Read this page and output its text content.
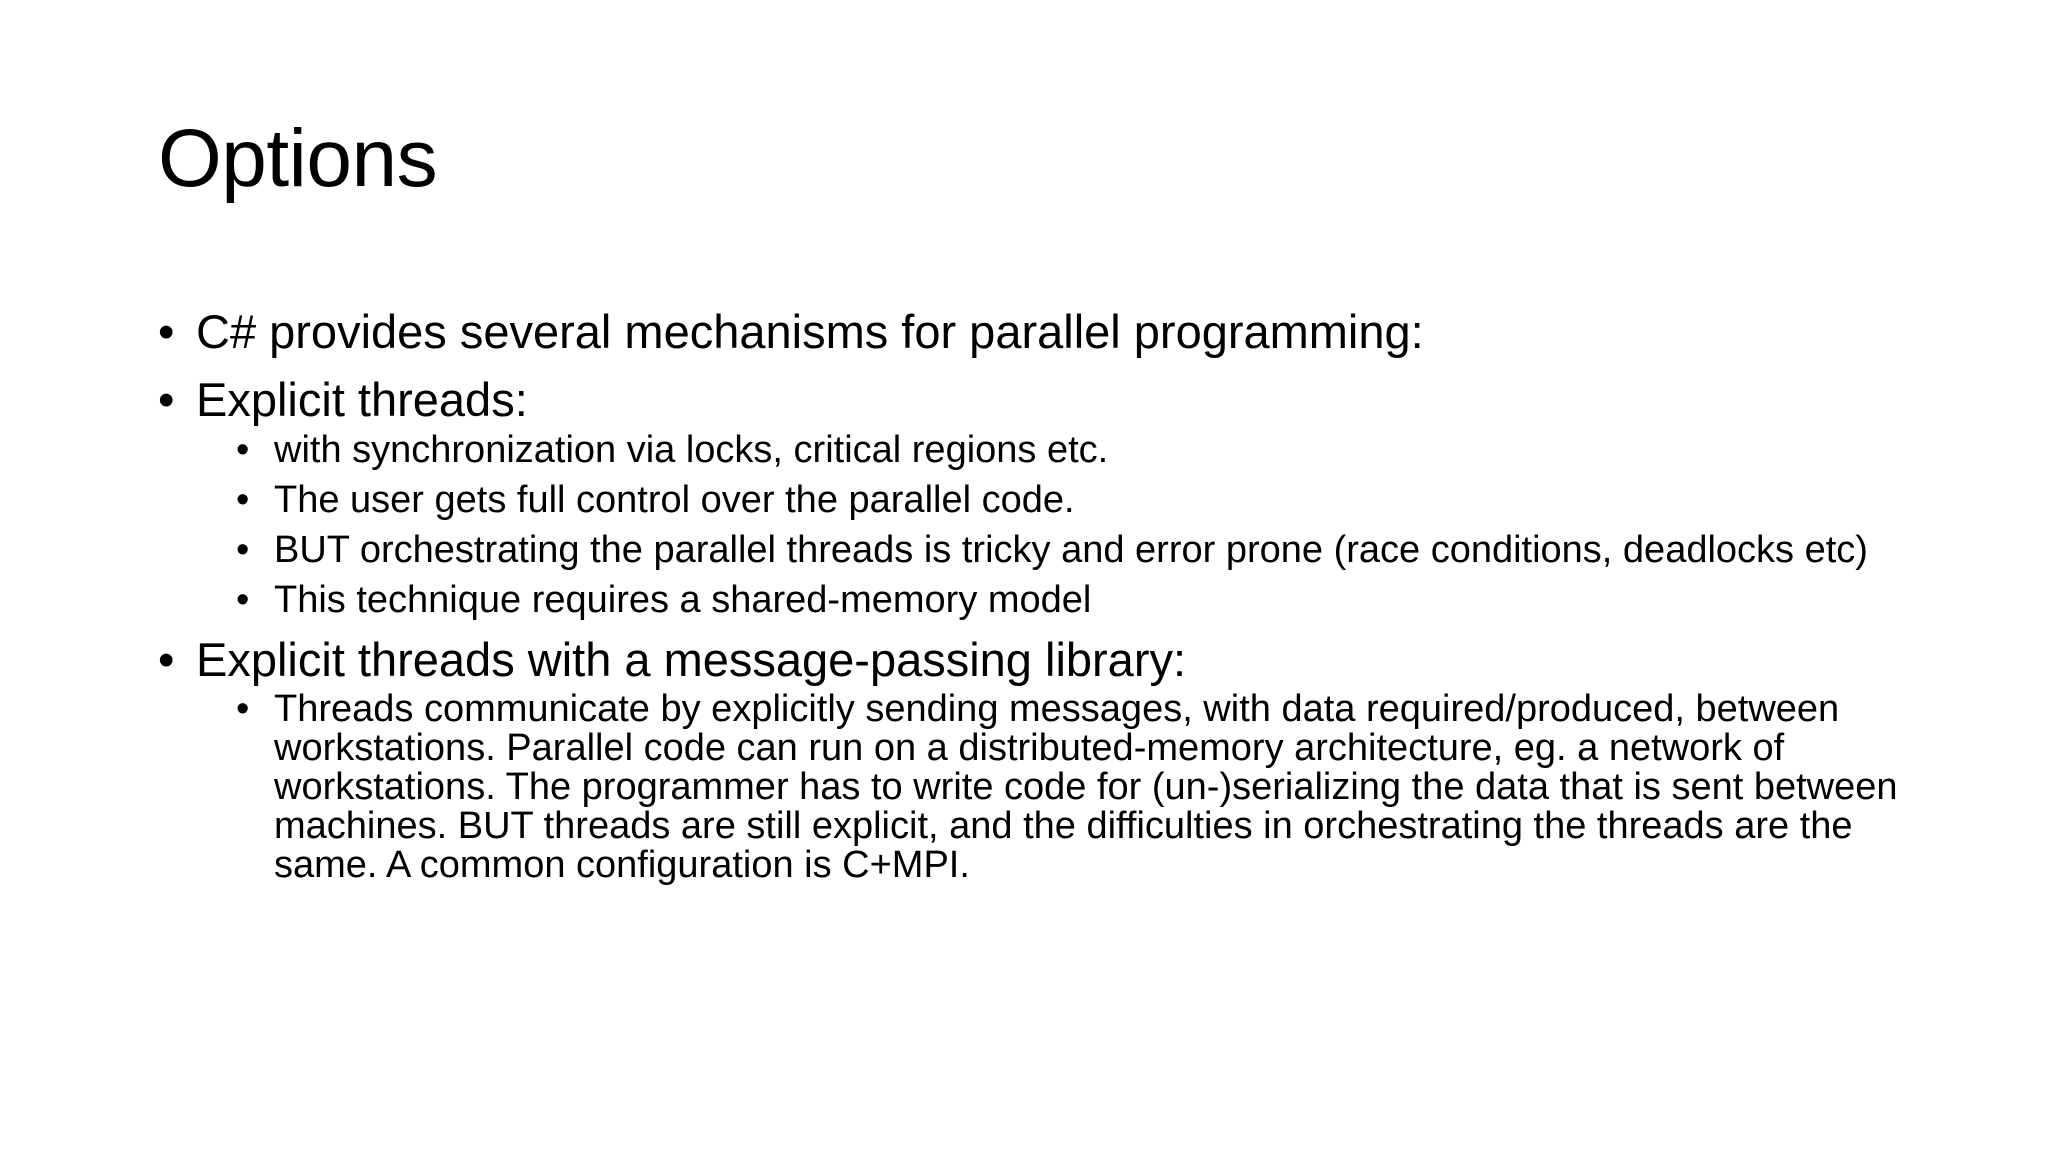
Options
• C# provides several mechanisms for parallel programming:
• Explicit threads:
• with synchronization via locks, critical regions etc.
• The user gets full control over the parallel code.
• BUT orchestrating the parallel threads is tricky and error prone (race conditions, deadlocks etc)
• This technique requires a shared-memory model
• Explicit threads with a message-passing library:
• Threads communicate by explicitly sending messages, with data required/produced, between workstations. Parallel code can run on a distributed-memory architecture, eg. a network of workstations. The programmer has to write code for (un-)serializing the data that is sent between machines. BUT threads are still explicit, and the difficulties in orchestrating the threads are the same. A common configuration is C+MPI.
